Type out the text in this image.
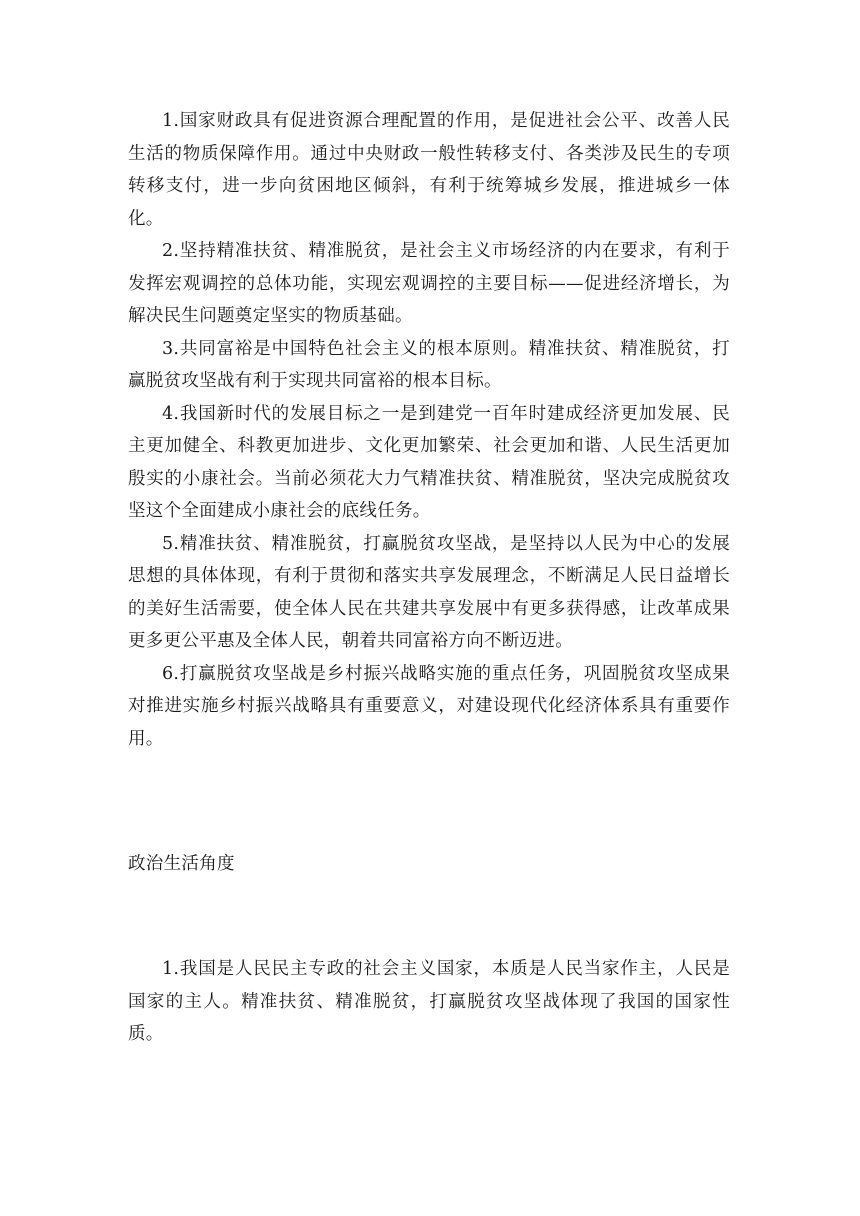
1.国家财政具有促进资源合理配置的作用，是促进社会公平、改善人民生活的物质保障作用。通过中央财政一般性转移支付、各类涉及民生的专项转移支付，进一步向贫困地区倾斜，有利于统筹城乡发展，推进城乡一体化。

2.坚持精准扶贫、精准脱贫，是社会主义市场经济的内在要求，有利于发挥宏观调控的总体功能，实现宏观调控的主要目标——促进经济增长，为解决民生问题奠定坚实的物质基础。

3.共同富裕是中国特色社会主义的根本原则。精准扶贫、精准脱贫，打赢脱贫攻坚战有利于实现共同富裕的根本目标。

4.我国新时代的发展目标之一是到建党一百年时建成经济更加发展、民主更加健全、科教更加进步、文化更加繁荣、社会更加和谐、人民生活更加殷实的小康社会。当前必须花大力气精准扶贫、精准脱贫，坚决完成脱贫攻坚这个全面建成小康社会的底线任务。

5.精准扶贫、精准脱贫，打赢脱贫攻坚战，是坚持以人民为中心的发展思想的具体体现，有利于贯彻和落实共享发展理念，不断满足人民日益增长的美好生活需要，使全体人民在共建共享发展中有更多获得感，让改革成果更多更公平惠及全体人民，朝着共同富裕方向不断迈进。

6.打赢脱贫攻坚战是乡村振兴战略实施的重点任务，巩固脱贫攻坚成果对推进实施乡村振兴战略具有重要意义，对建设现代化经济体系具有重要作用。

政治生活角度

1.我国是人民民主专政的社会主义国家，本质是人民当家作主，人民是国家的主人。精准扶贫、精准脱贫，打赢脱贫攻坚战体现了我国的国家性质。
